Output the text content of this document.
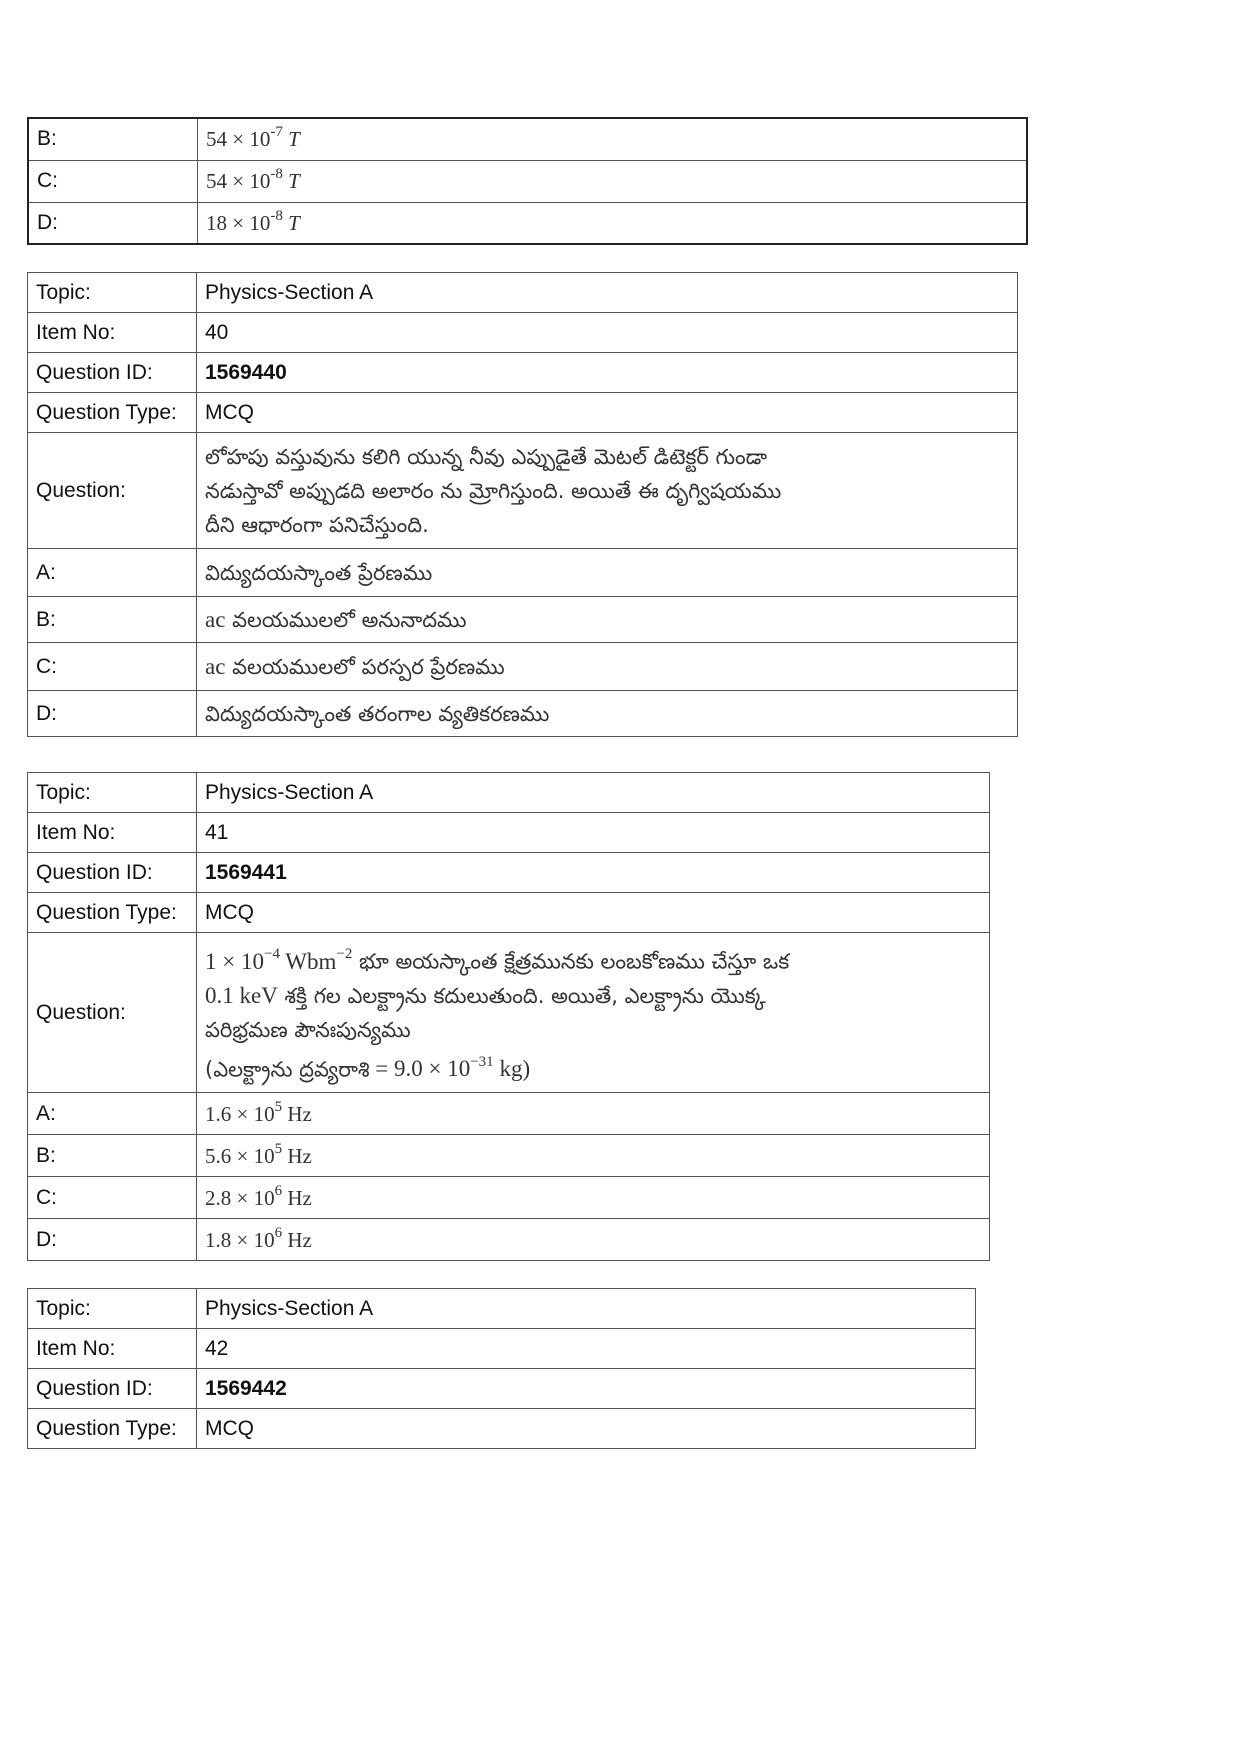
B:	$54 \times 10^{-7}$ T
C:	$54 \times 10^{-8}$ T
D:	$18 \times 10^{-8}$ T
Topic:	Physics-Section A
Item No:	40
Question ID:	1569440
Question Type:	MCQ
Question:	లోహపు వస్తువును కలిగి యున్న నీవు ఎప్పుడైతే మెటల్ డిటెక్టర్ గుండా
నడుస్తావో అప్పుడది అలారం ను మ్రోగిస్తుంది. అయితే ఈ దృగ్విషయము
దీని ఆధారంగా పనిచేస్తుంది.

A:	విద్యుదయస్కాంత ప్రేరణము
B:	ac వలయములలో అనునాదము
C:	ac వలయములలో పరస్పర ప్రేరణము
D:	విద్యుదయస్కాంత తరంగాల వ్యతికరణము
Topic:	Physics-Section A
Item No:	41
Question ID:	1569441
Question Type:	MCQ
Question:	$1 \times 10^{-4}$ Wbm$^{-2}$ భూ అయస్కాంత క్షేత్రమునకు లంబకోణము చేస్తూ ఒక
0.1 keV శక్తి గల ఎలక్ట్రాను కదులుతుంది. అయితే, ఎలక్ట్రాను యొక్క
పరిభ్రమణ పౌనఃపున్యము
(ఎలక్ట్రాను ద్రవ్యరాశి = $9.0 \times 10^{-31}$ kg)

A:	$1.6 \times 10^5$ Hz
B:	$5.6 \times 10^5$ Hz
C:	$2.8 \times 10^6$ Hz
D:	$1.8 \times 10^6$ Hz
Topic:	Physics-Section A
Item No:	42
Question ID:	1569442
Question Type:	MCQ
